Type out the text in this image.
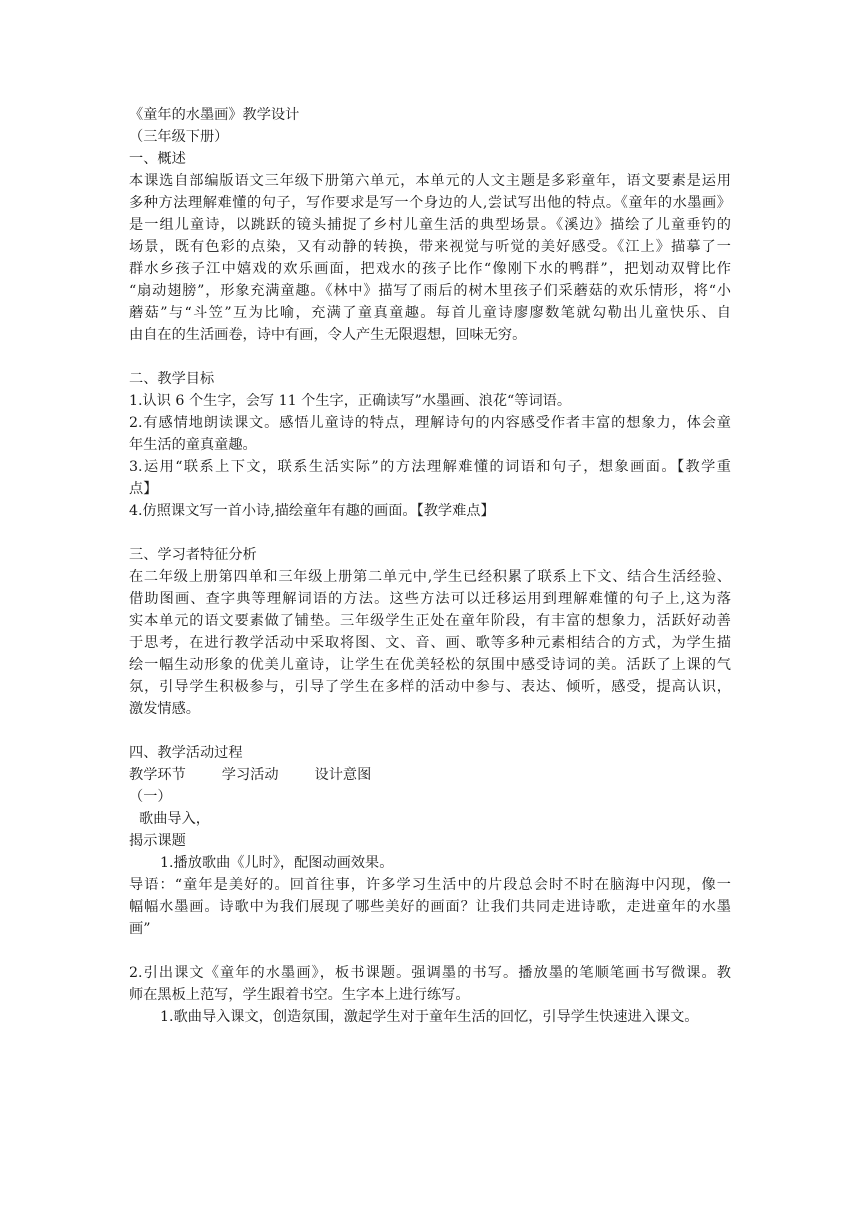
《童年的水墨画》教学设计
（三年级下册）
一、概述
本课选自部编版语文三年级下册第六单元，本单元的人文主题是多彩童年，语文要素是运用
多种方法理解难懂的句子，写作要求是写一个身边的人,尝试写出他的特点。《童年的水墨画》
是一组儿童诗，以跳跃的镜头捕捉了乡村儿童生活的典型场景。《溪边》描绘了儿童垂钓的
场景，既有色彩的点染，又有动静的转换，带来视觉与听觉的美好感受。《江上》描摹了一
群水乡孩子江中嬉戏的欢乐画面，把戏水的孩子比作“像刚下水的鸭群”，把划动双臂比作
“扇动翅膀”，形象充满童趣。《林中》描写了雨后的树木里孩子们采蘑菇的欢乐情形，将“小
蘑菇”与“斗笠”互为比喻，充满了童真童趣。每首儿童诗廖廖数笔就勾勒出儿童快乐、自
由自在的生活画卷，诗中有画，令人产生无限遐想，回味无穷。
二、教学目标
1.认识 6 个生字，会写 11 个生字，正确读写”水墨画、浪花“等词语。
2.有感情地朗读课文。感悟儿童诗的特点，理解诗句的内容感受作者丰富的想象力，体会童
年生活的童真童趣。
3.运用“联系上下文，联系生活实际”的方法理解难懂的词语和句子，想象画面。【教学重
点】
4.仿照课文写一首小诗,描绘童年有趣的画面。【教学难点】
三、学习者特征分析
在二年级上册第四单和三年级上册第二单元中,学生已经积累了联系上下文、结合生活经验、
借助图画、查字典等理解词语的方法。这些方法可以迁移运用到理解难懂的句子上,这为落
实本单元的语文要素做了铺垫。三年级学生正处在童年阶段，有丰富的想象力，活跃好动善
于思考，在进行教学活动中采取将图、文、音、画、歌等多种元素相结合的方式，为学生描
绘一幅生动形象的优美儿童诗，让学生在优美轻松的氛围中感受诗词的美。活跃了上课的气
氛，引导学生积极参与，引导了学生在多样的活动中参与、表达、倾听，感受，提高认识，
激发情感。
四、教学活动过程
教学环节	学习活动	设计意图
（一）
歌曲导入，
揭示课题
1.播放歌曲《儿时》，配图动画效果。
导语：“童年是美好的。回首往事，许多学习生活中的片段总会时不时在脑海中闪现，像一
幅幅水墨画。诗歌中为我们展现了哪些美好的画面？让我们共同走进诗歌，走进童年的水墨
画”
2.引出课文《童年的水墨画》，板书课题。强调墨的书写。播放墨的笔顺笔画书写微课。教
师在黑板上范写，学生跟着书空。生字本上进行练写。
1.歌曲导入课文，创造氛围，激起学生对于童年生活的回忆，引导学生快速进入课文。
